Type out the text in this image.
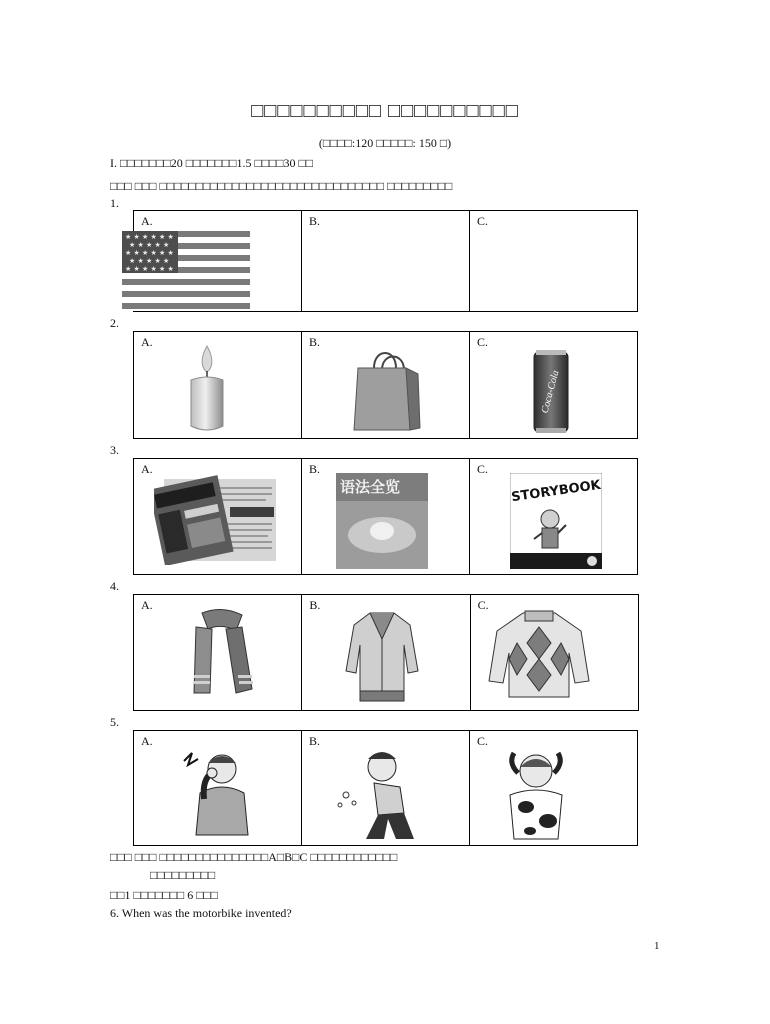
□□□□□□□□□□ □□□□□□□□□□
(□□□□:120 □□□□□: 150 □)
I. □□□□□□□20 □□□□□□□1.5 □□□□30 □□
□□□ □□□ □□□□□□□□□□□□□□□□□□□□□□□□□□□□□□□ □□□□□□□□□
1.
A.
★ ★ ★ ★ ★ ★
★ ★ ★ ★ ★
★ ★ ★ ★ ★ ★
★ ★ ★ ★ ★
★ ★ ★ ★ ★ ★
B.	C.
2.
A.	B.	C.
Coca-Cola
3.
A.	B.
语法全览
C.
STORYBOOK
4.
A.	B.	C.
5.
A.	B.	C.
□□□ □□□ □□□□□□□□□□□□□□□A□B□C □□□□□□□□□□□□
□□□□□□□□□
□□1 □□□□□□□ 6 □□□
6. When was the motorbike invented?
1
